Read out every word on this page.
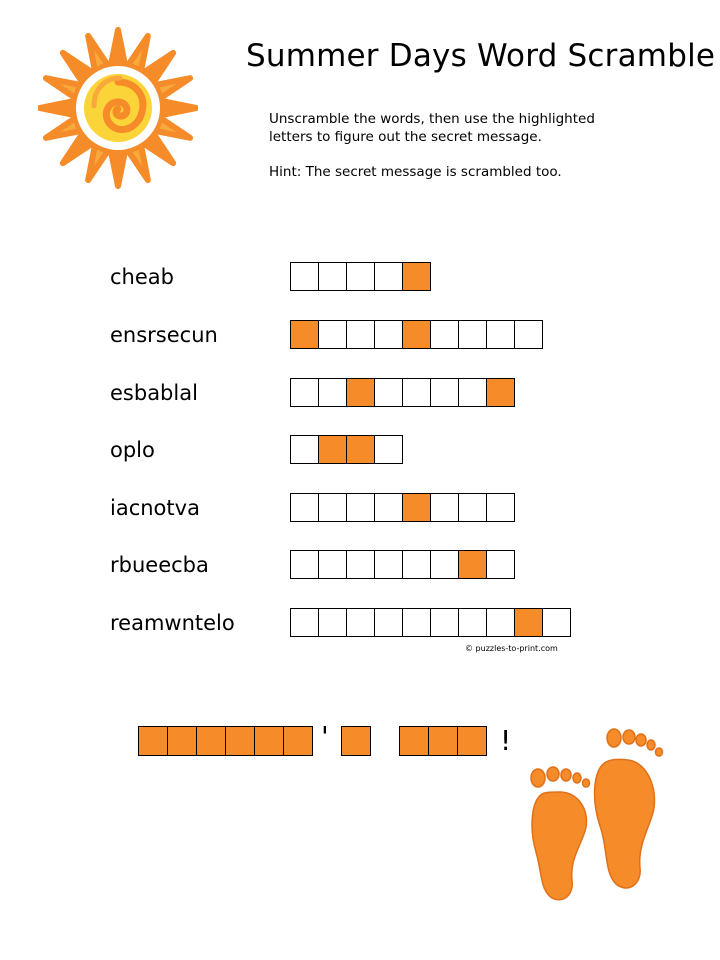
Summer Days Word Scramble
Unscramble the words, then use the highlighted letters to figure out the secret message.
Hint: The secret message is scrambled too.
cheab
ensrsecun
esbablal
oplo
iacnotva
rbueecba
reamwntelo
© puzzles-to-print.com
'	!
